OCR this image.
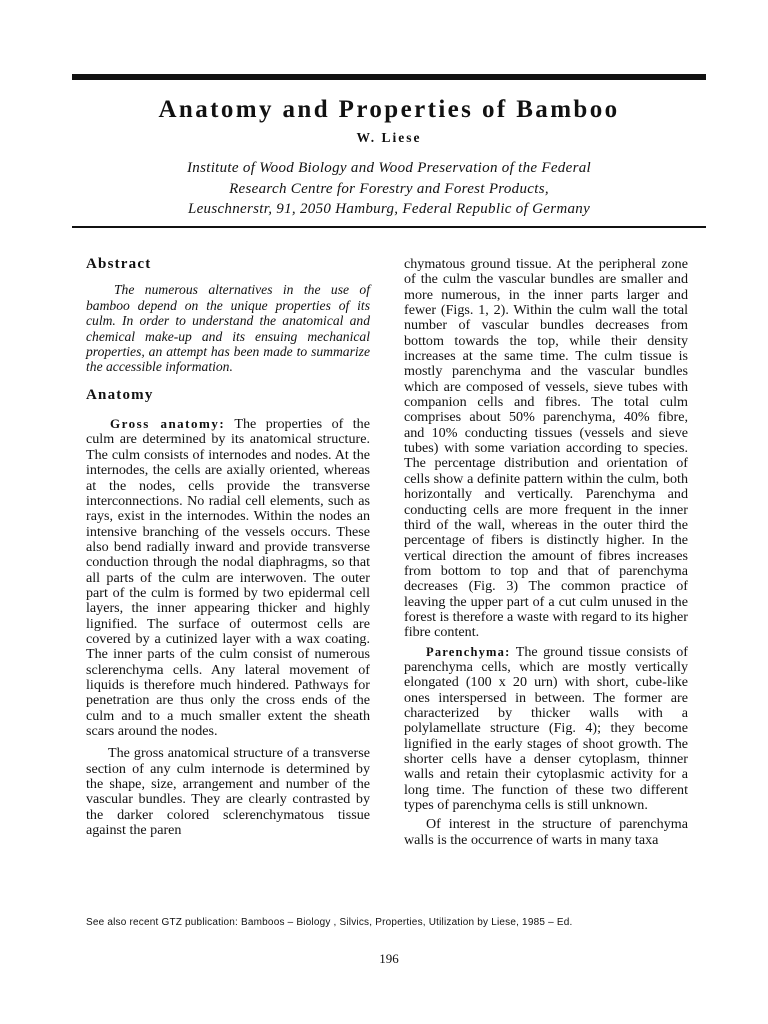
Anatomy and Properties of Bamboo
W. Liese
Institute of Wood Biology and Wood Preservation of the Federal
Research Centre for Forestry and Forest Products,
Leuschnerstr, 91, 2050 Hamburg, Federal Republic of Germany
Abstract

The numerous alternatives in the use of bamboo depend on the unique properties of its culm. In order to understand the anatomical and chemical make-up and its ensuing mechanical properties, an attempt has been made to summarize the accessible information.

Anatomy

Gross anatomy: The properties of the culm are determined by its anatomical structure. The culm consists of internodes and nodes. At the internodes, the cells are axially oriented, whereas at the nodes, cells provide the transverse interconnections. No radial cell elements, such as rays, exist in the internodes. Within the nodes an intensive branching of the vessels occurs. These also bend radially inward and provide transverse conduction through the nodal diaphragms, so that all parts of the culm are interwoven. The outer part of the culm is formed by two epidermal cell layers, the inner appearing thicker and highly lignified. The surface of outermost cells are covered by a cutinized layer with a wax coating. The inner parts of the culm consist of numerous sclerenchyma cells. Any lateral movement of liquids is therefore much hindered. Pathways for penetration are thus only the cross ends of the culm and to a much smaller extent the sheath scars around the nodes.

The gross anatomical structure of a transverse section of any culm internode is determined by the shape, size, arrangement and number of the vascular bundles. They are clearly contrasted by the darker colored sclerenchymatous tissue against the paren

chymatous ground tissue. At the peripheral zone of the culm the vascular bundles are smaller and more numerous, in the inner parts larger and fewer (Figs. 1, 2). Within the culm wall the total number of vascular bundles decreases from bottom towards the top, while their density increases at the same time. The culm tissue is mostly parenchyma and the vascular bundles which are composed of vessels, sieve tubes with companion cells and fibres. The total culm comprises about 50% parenchyma, 40% fibre, and 10% conducting tissues (vessels and sieve tubes) with some variation according to species. The percentage distribution and orientation of cells show a definite pattern within the culm, both horizontally and vertically. Parenchyma and conducting cells are more frequent in the inner third of the wall, whereas in the outer third the percentage of fibers is distinctly higher. In the vertical direction the amount of fibres increases from bottom to top and that of parenchyma decreases (Fig. 3) The common practice of leaving the upper part of a cut culm unused in the forest is therefore a waste with regard to its higher fibre content.

Parenchyma: The ground tissue consists of parenchyma cells, which are mostly vertically elongated (100 x 20 urn) with short, cube-like ones interspersed in between. The former are characterized by thicker walls with a polylamellate structure (Fig. 4); they become lignified in the early stages of shoot growth. The shorter cells have a denser cytoplasm, thinner walls and retain their cytoplasmic activity for a long time. The function of these two different types of parenchyma cells is still unknown.

Of interest in the structure of parenchyma walls is the occurrence of warts in many taxa

See also recent GTZ publication: Bamboos – Biology , Silvics, Properties, Utilization by Liese, 1985 – Ed.
196
